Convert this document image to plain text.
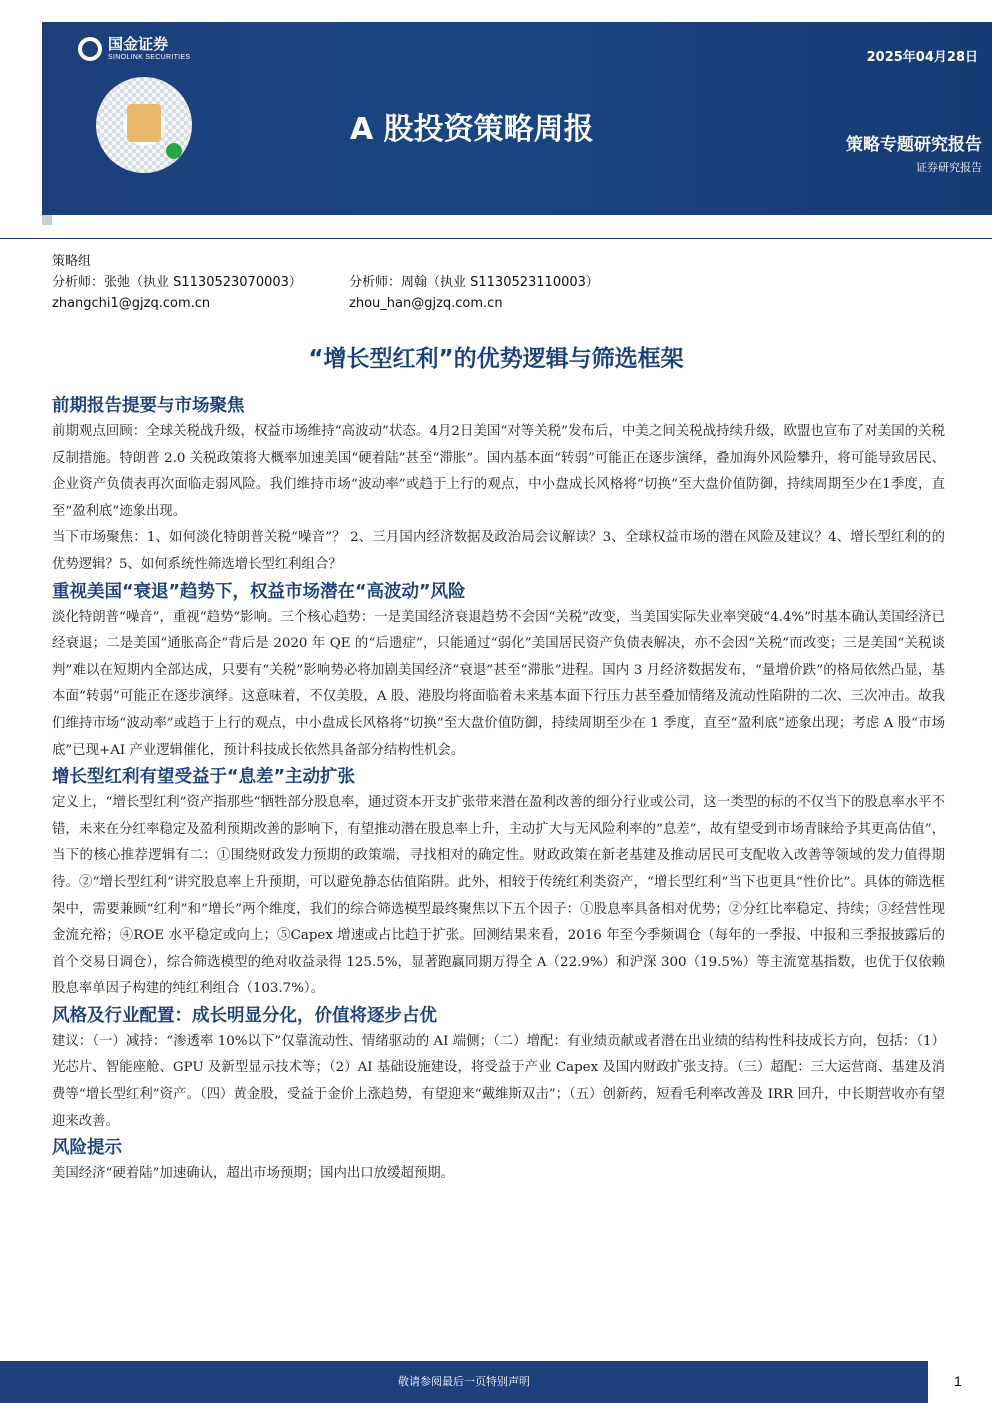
国金证券
SINOLINK SECURITIES	2025年04月28日
A 股投资策略周报	策略专题研究报告
证券研究报告
策略组
分析师：张弛（执业 S1130523070003）	分析师：周翰（执业 S1130523110003）
zhangchi1@gjzq.com.cn	zhou_han@gjzq.com.cn
“增长型红利”的优势逻辑与筛选框架
前期报告提要与市场聚焦

前期观点回顾：全球关税战升级，权益市场维持“高波动”状态。4月2日美国“对等关税”发布后，中美之间关税战持续升级，欧盟也宣布了对美国的关税反制措施。特朗普 2.0 关税政策将大概率加速美国“硬着陆”甚至“滞胀”。国内基本面“转弱”可能正在逐步演绎，叠加海外风险攀升，将可能导致居民、企业资产负债表再次面临走弱风险。我们维持市场“波动率”或趋于上行的观点，中小盘成长风格将“切换”至大盘价值防御，持续周期至少在1季度，直至“盈利底”迹象出现。

当下市场聚焦：1、如何淡化特朗普关税“噪音”？ 2、三月国内经济数据及政治局会议解读？3、全球权益市场的潜在风险及建议？4、增长型红利的的优势逻辑？5、如何系统性筛选增长型红利组合？

重视美国“衰退”趋势下，权益市场潜在“高波动”风险

淡化特朗普“噪音”，重视“趋势”影响。三个核心趋势：一是美国经济衰退趋势不会因“关税”改变，当美国实际失业率突破“4.4%”时基本确认美国经济已经衰退；二是美国“通胀高企”背后是 2020 年 QE 的“后遗症”，只能通过“弱化”美国居民资产负债表解决，亦不会因“关税”而改变；三是美国“关税谈判”难以在短期内全部达成，只要有“关税”影响势必将加剧美国经济“衰退”甚至“滞胀”进程。国内 3 月经济数据发布，“量增价跌”的格局依然凸显，基本面“转弱”可能正在逐步演绎。这意味着，不仅美股，A 股、港股均将面临着未来基本面下行压力甚至叠加情绪及流动性陷阱的二次、三次冲击。故我们维持市场“波动率”或趋于上行的观点，中小盘成长风格将“切换”至大盘价值防御，持续周期至少在 1 季度，直至“盈利底”迹象出现；考虑 A 股“市场底”已现+AI 产业逻辑催化，预计科技成长依然具备部分结构性机会。

增长型红利有望受益于“息差”主动扩张

定义上，“增长型红利”资产指那些“牺牲部分股息率，通过资本开支扩张带来潜在盈利改善的细分行业或公司，这一类型的标的不仅当下的股息率水平不错，未来在分红率稳定及盈利预期改善的影响下，有望推动潜在股息率上升，主动扩大与无风险利率的“息差”，故有望受到市场青睐给予其更高估值”，当下的核心推荐逻辑有二：①围绕财政发力预期的政策端，寻找相对的确定性。财政政策在新老基建及推动居民可支配收入改善等领域的发力值得期待。②“增长型红利”讲究股息率上升预期，可以避免静态估值陷阱。此外，相较于传统红利类资产，“增长型红利”当下也更具“性价比”。具体的筛选框架中，需要兼顾“红利”和“增长”两个维度，我们的综合筛选模型最终聚焦以下五个因子：①股息率具备相对优势；②分红比率稳定、持续；③经营性现金流充裕；④ROE 水平稳定或向上；⑤Capex 增速或占比趋于扩张。回测结果来看，2016 年至今季频调仓（每年的一季报、中报和三季报披露后的首个交易日调仓），综合筛选模型的绝对收益录得 125.5%，显著跑赢同期万得全 A（22.9%）和沪深 300（19.5%）等主流宽基指数，也优于仅依赖股息率单因子构建的纯红利组合（103.7%）。

风格及行业配置：成长明显分化，价值将逐步占优

建议：（一）减持：“渗透率 10%以下”仅靠流动性、情绪驱动的 AI 端侧；（二）增配：有业绩贡献或者潜在出业绩的结构性科技成长方向，包括：（1）光芯片、智能座舱、GPU 及新型显示技术等；（2）AI 基础设施建设，将受益于产业 Capex 及国内财政扩张支持。（三）超配：三大运营商、基建及消费等“增长型红利”资产。（四）黄金股，受益于金价上涨趋势，有望迎来“戴维斯双击”；（五）创新药，短看毛利率改善及 IRR 回升，中长期营收亦有望迎来改善。

风险提示

美国经济“硬着陆”加速确认，超出市场预期；国内出口放缓超预期。

敬请参阅最后一页特别声明	1
